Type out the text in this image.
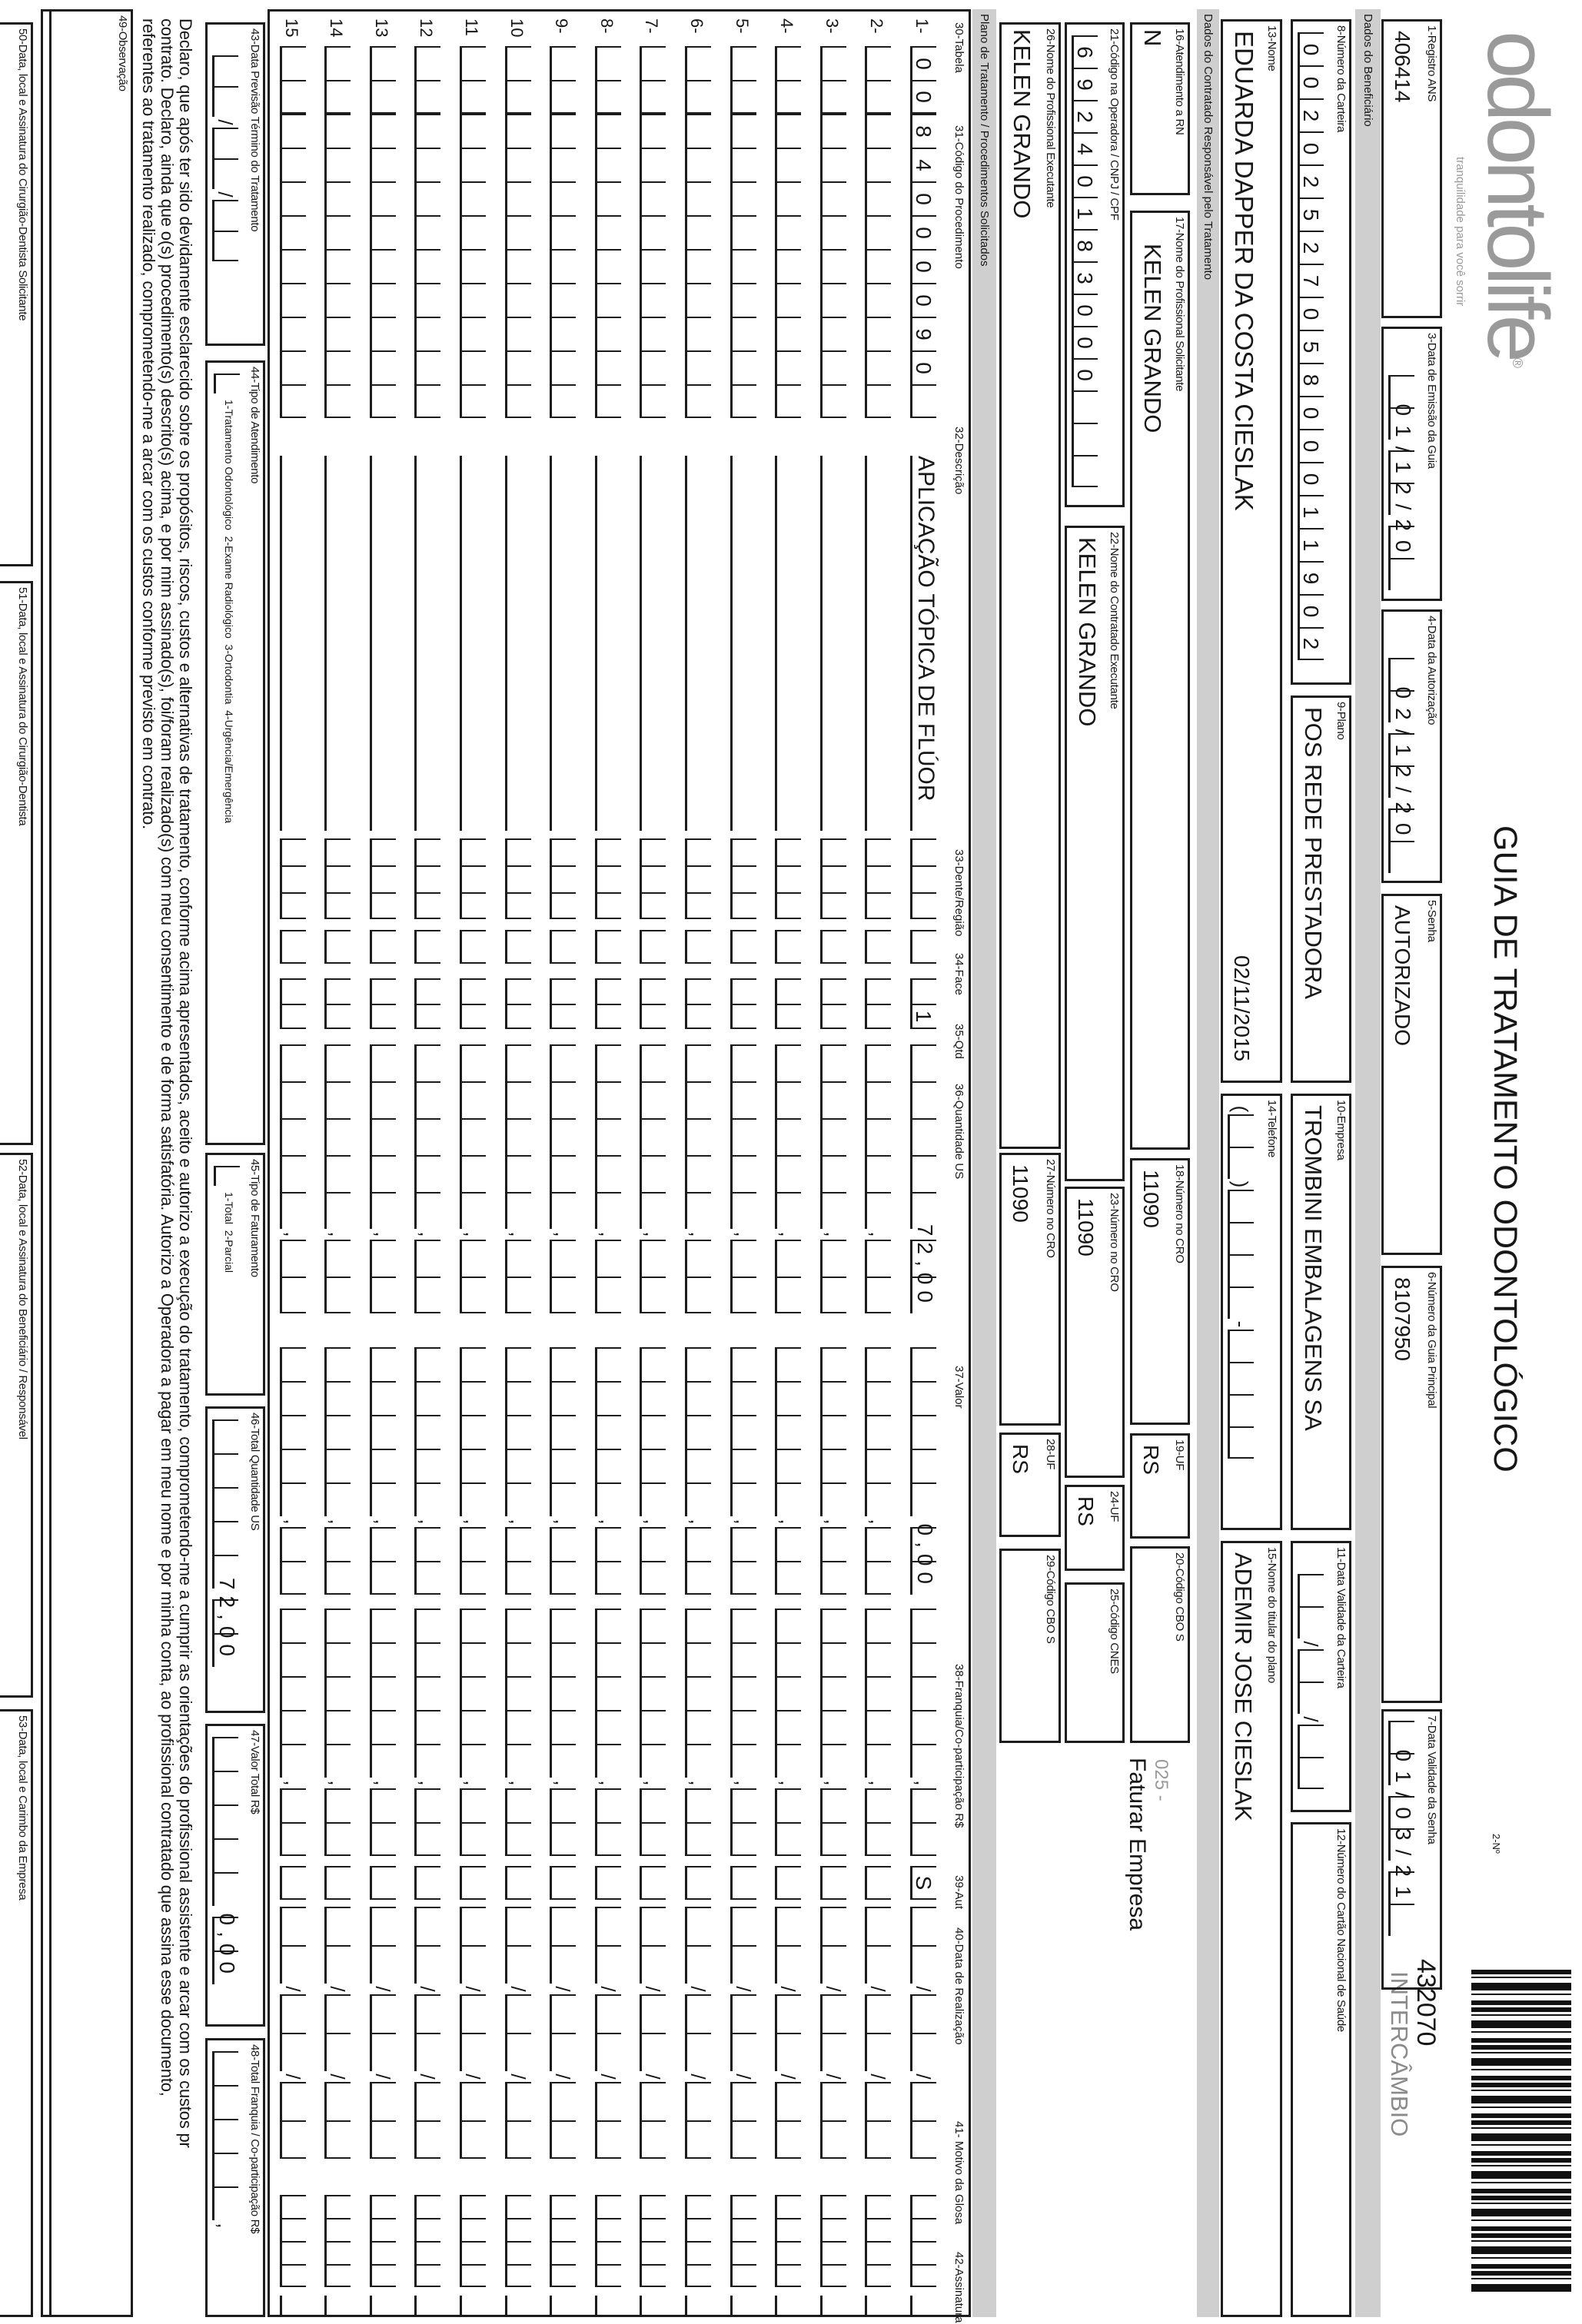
odontolife®
tranquilidade para você sorrir
GUIA DE TRATAMENTO ODONTOLÓGICO
2-Nº
432070
INTERCÂMBIO
1-Registro ANS
406414
3-Data de Emissão da Guia
01/12/20
4-Data da Autorização
02/12/20
5-Senha
AUTORIZADO
6-Número da Guia Principal
8107950
7-Data Validade da Senha
01/03/21
Dados do Beneficiário
8-Número da Carteira
0
0
2
0
2
5
2
7
0
5
8
0
0
0
1
1
9
0
2
9-Plano
POS REDE PRESTADORA
10-Empresa
TROMBINI EMBALAGENS SA
11-Data Validade da Carteira
/
/
12-Número do Cartão Nacional de Saúde
13-Nome
EDUARDA DAPPER DA COSTA CIESLAK
02/11/2015
14-Telefone
(
)
-
15-Nome do titular do plano
ADEMIR JOSE CIESLAK
Dados do Contratado Responsável pelo Tratamento
16-Atendimento a RN
N
17-Nome do Profissional Solicitante
KELEN GRANDO
18-Número no CRO
11090
19-UF
RS
20-Código CBO S
025 -
Faturar Empresa
21-Código na Operadora / CNPJ / CPF
6
9
2
4
0
1
8
3
0
0
0
22-Nome do Contratado Executante
KELEN GRANDO
23-Número no CRO
11090
24-UF
RS
25-Código CNES
26-Nome do Profissional Executante
KELEN GRANDO
27-Número no CRO
11090
28-UF
RS
29-Código CBO S
Plano de Tratamento / Procedimentos Solicitados
30-Tabela
31-Código do Procedimento
32-Descrição
33-Dente/Região
34-Face
35-Qtd
36-Quantidade US
37-Valor
38-Franquia/Co-participação R$
39-Aut
40-Data de Realização
41- Motivo da Glosa
42-Assinatura
1-
0
0
8
4
0
0
0
0
9
0
1
72,00
0,00
,
S
/
/
APLICAÇÃO TÓPICA DE FLÚOR
2-
,
,
,
/
/
3-
,
,
,
/
/
4-
,
,
,
/
/
5-
,
,
,
/
/
6-
,
,
,
/
/
7-
,
,
,
/
/
8-
,
,
,
/
/
9-
,
,
,
/
/
10
,
,
,
/
/
11
,
,
,
/
/
12
,
,
,
/
/
13
,
,
,
/
/
14
,
,
,
/
/
15
,
,
,
/
/
43-Data Previsão Término do Tratamento
/
/
44-Tipo de Atendimento
1-Tratamento Odontológico  2-Exame Radiológico  3-Ortodontia  4-Urgência/Emergência
45-Tipo de Faturamento
1-Total  2-Parcial
46-Total Quantidade US
72,00
47-Valor Total R$
0,00
48-Total Franquia / Co-participação R$
,
Declaro, que após ter sido devidamente esclarecido sobre os propósitos, riscos, custos e alternativas de tratamento, conforme acima apresentados, aceito e autorizo a execução do tratamento, comprometendo-me a cumprir as orientações do profissional assistente e arcar com os custos pr
contrato. Declaro, ainda que o(s) procedimento(s) descrito(s) acima, e por mim assinado(s), foi/foram realizado(s) com meu consentimento e de forma satisfatória. Autorizo a Operadora a pagar em meu nome e por minha conta, ao profissional contratado que assina esse documento,
referentes ao tratamento realizado, comprometendo-me a arcar com os custos conforme previsto em contrato.
49-Observação
50-Data, local e Assinatura do Cirurgião-Dentista Solicitante
51-Data, local e Assinatura do Cirurgião-Dentista
52-Data, local e Assinatura do Beneficiário / Responsável
53-Data, local e Carimbo da Empresa
